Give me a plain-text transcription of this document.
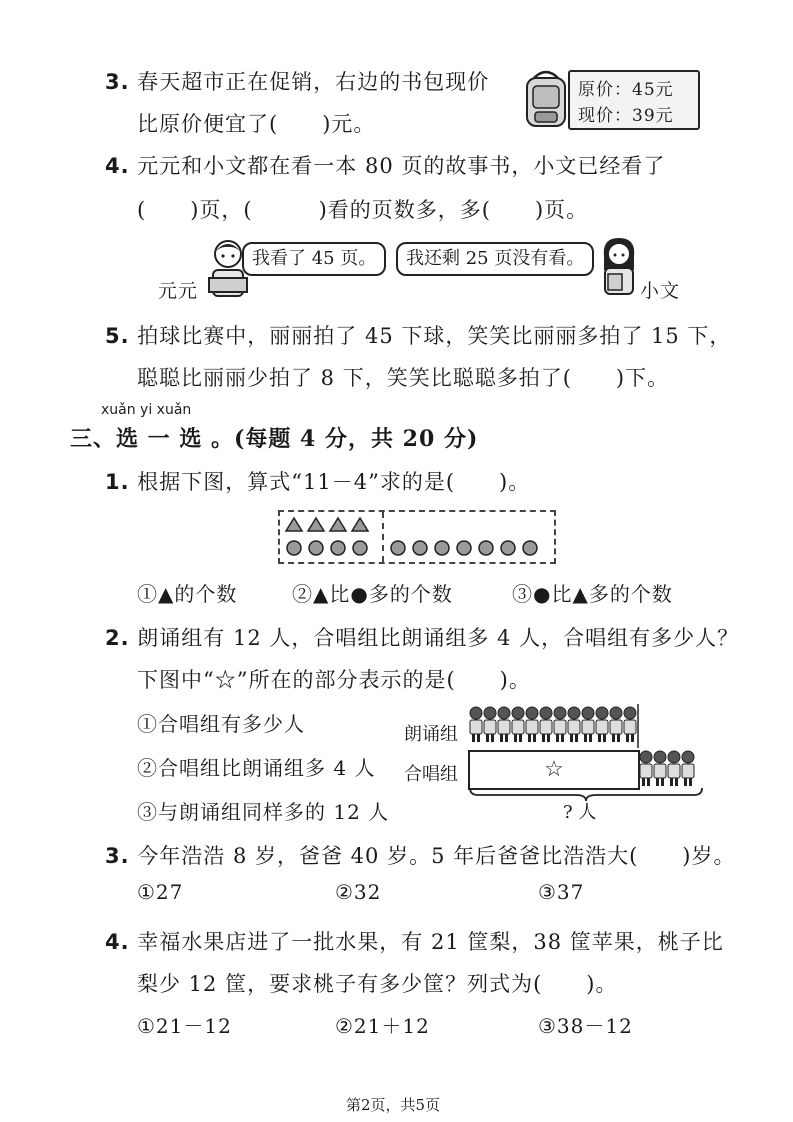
3. 春天超市正在促销，右边的书包现价
比原价便宜了(　　)元。
原价：45元
现价：39元
4. 元元和小文都在看一本 80 页的故事书，小文已经看了
(　　)页，(　　　)看的页数多，多(　　)页。
我看了 45 页。	我还剩 25 页没有看。
元元	小文
5. 拍球比赛中，丽丽拍了 45 下球，笑笑比丽丽多拍了 15 下，
聪聪比丽丽少拍了 8 下，笑笑比聪聪多拍了(　　)下。
xuǎn yi xuǎn
三、选 一 选 。(每题 4 分，共 20 分)
1. 根据下图，算式“11－4”求的是(　　)。
①▲的个数	②▲比●多的个数	③●比▲多的个数
2. 朗诵组有 12 人，合唱组比朗诵组多 4 人，合唱组有多少人？
下图中“☆”所在的部分表示的是(　　)。
①合唱组有多少人
②合唱组比朗诵组多 4 人
③与朗诵组同样多的 12 人
朗诵组
合唱组	☆
? 人
3. 今年浩浩 8 岁，爸爸 40 岁。5 年后爸爸比浩浩大(　　)岁。
①27	②32	③37
4. 幸福水果店进了一批水果，有 21 筐梨，38 筐苹果，桃子比
梨少 12 筐，要求桃子有多少筐？列式为(　　)。
①21－12	②21＋12	③38－12
第2页，共5页
